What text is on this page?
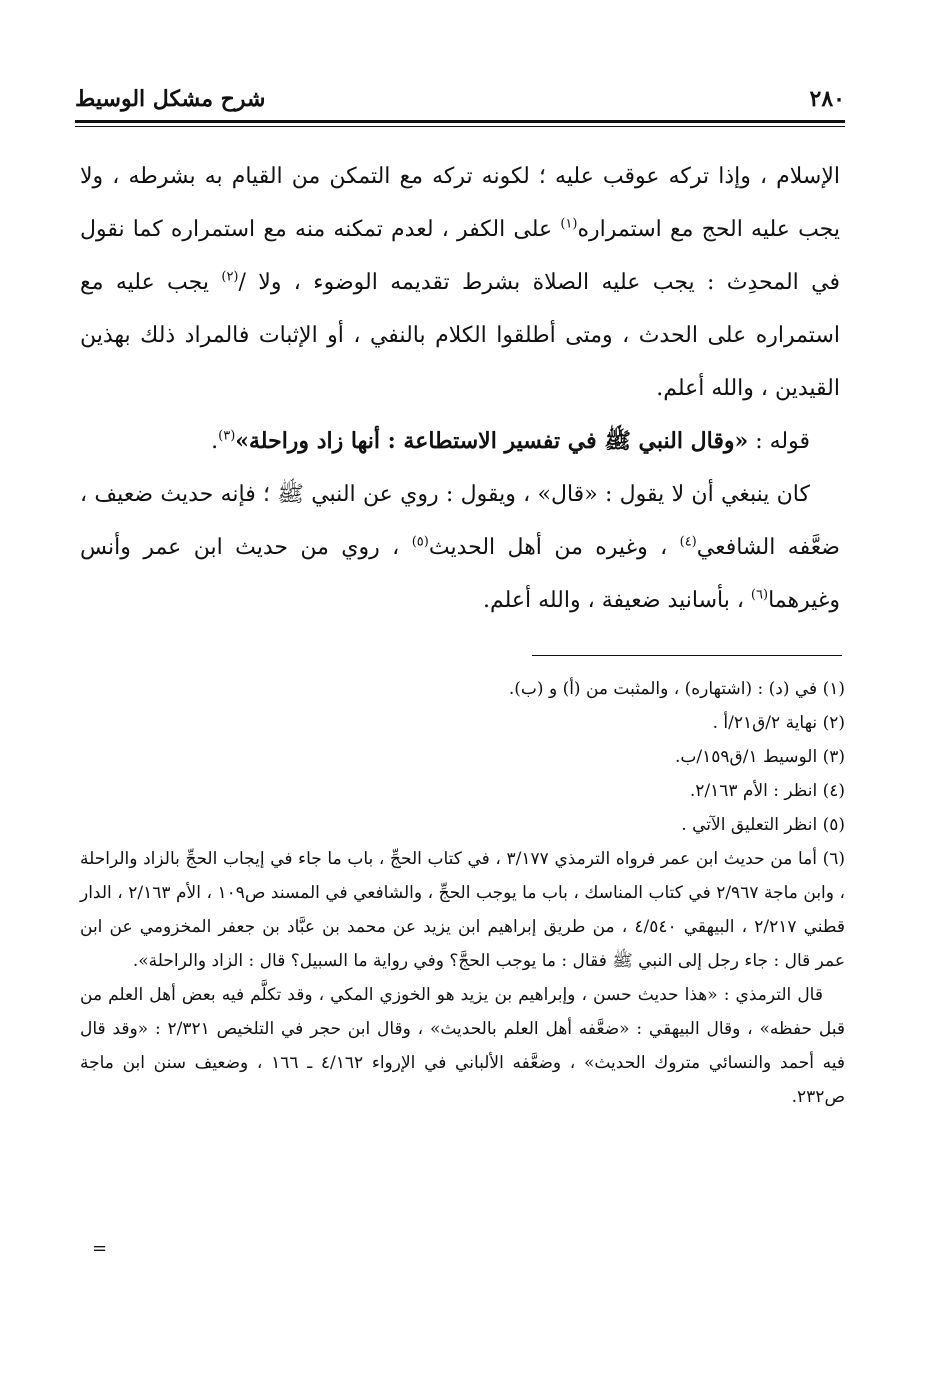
٢٨٠
شرح مشكل الوسيط

الإسلام ، وإذا تركه عوقب عليه ؛ لكونه تركه مع التمكن من القيام به بشرطه ، ولا يجب عليه الحج مع استمراره$^{(١)}$ على الكفر ، لعدم تمكنه منه مع استمراره كما نقول في المحدِث : يجب عليه الصلاة بشرط تقديمه الوضوء ، ولا /$^{(٢)}$ يجب عليه مع استمراره على الحدث ، ومتى أطلقوا الكلام بالنفي ، أو الإثبات فالمراد ذلك بهذين القيدين ، والله أعلم.

قوله : «وقال النبي ﷺ في تفسير الاستطاعة : أنها زاد وراحلة»$^{(٣)}$.

كان ينبغي أن لا يقول : «قال» ، ويقول : روي عن النبي ﷺ ؛ فإنه حديث ضعيف ، ضعَّفه الشافعي$^{(٤)}$ ، وغيره من أهل الحديث$^{(٥)}$ ، روي من حديث ابن عمر وأنس وغيرهما$^{(٦)}$ ، بأسانيد ضعيفة ، والله أعلم.

(١) في (د) : (اشتهاره) ، والمثبت من (أ) و (ب).

(٢) نهاية ٢/ق٢١/أ .

(٣) الوسيط ١/ق١٥٩/ب.

(٤) انظر : الأم ٢/١٦٣.

(٥) انظر التعليق الآتي .

(٦) أما من حديث ابن عمر فرواه الترمذي ٣/١٧٧ ، في كتاب الحجِّ ، باب ما جاء في إيجاب الحجِّ بالزاد والراحلة ، وابن ماجة ٢/٩٦٧ في كتاب المناسك ، باب ما يوجب الحجِّ ، والشافعي في المسند ص١٠٩ ، الأم ٢/١٦٣ ، الدار قطني ٢/٢١٧ ، البيهقي ٤/٥٤٠ ، من طريق إبراهيم ابن يزيد عن محمد بن عبَّاد بن جعفر المخزومي عن ابن عمر قال : جاء رجل إلى النبي ﷺ فقال : ما يوجب الحجَّ؟ وفي رواية ما السبيل؟ قال : الزاد والراحلة».

قال الترمذي : «هذا حديث حسن ، وإبراهيم بن يزيد هو الخوزي المكي ، وقد تكلَّم فيه بعض أهل العلم من قبل حفظه» ، وقال البيهقي : «ضعَّفه أهل العلم بالحديث» ، وقال ابن حجر في التلخيص ٢/٣٢١ : «وقد قال فيه أحمد والنسائي متروك الحديث» ، وضعَّفه الألباني في الإرواء ٤/١٦٢ ـ ١٦٦ ، وضعيف سنن ابن ماجة ص٢٣٢.

=
